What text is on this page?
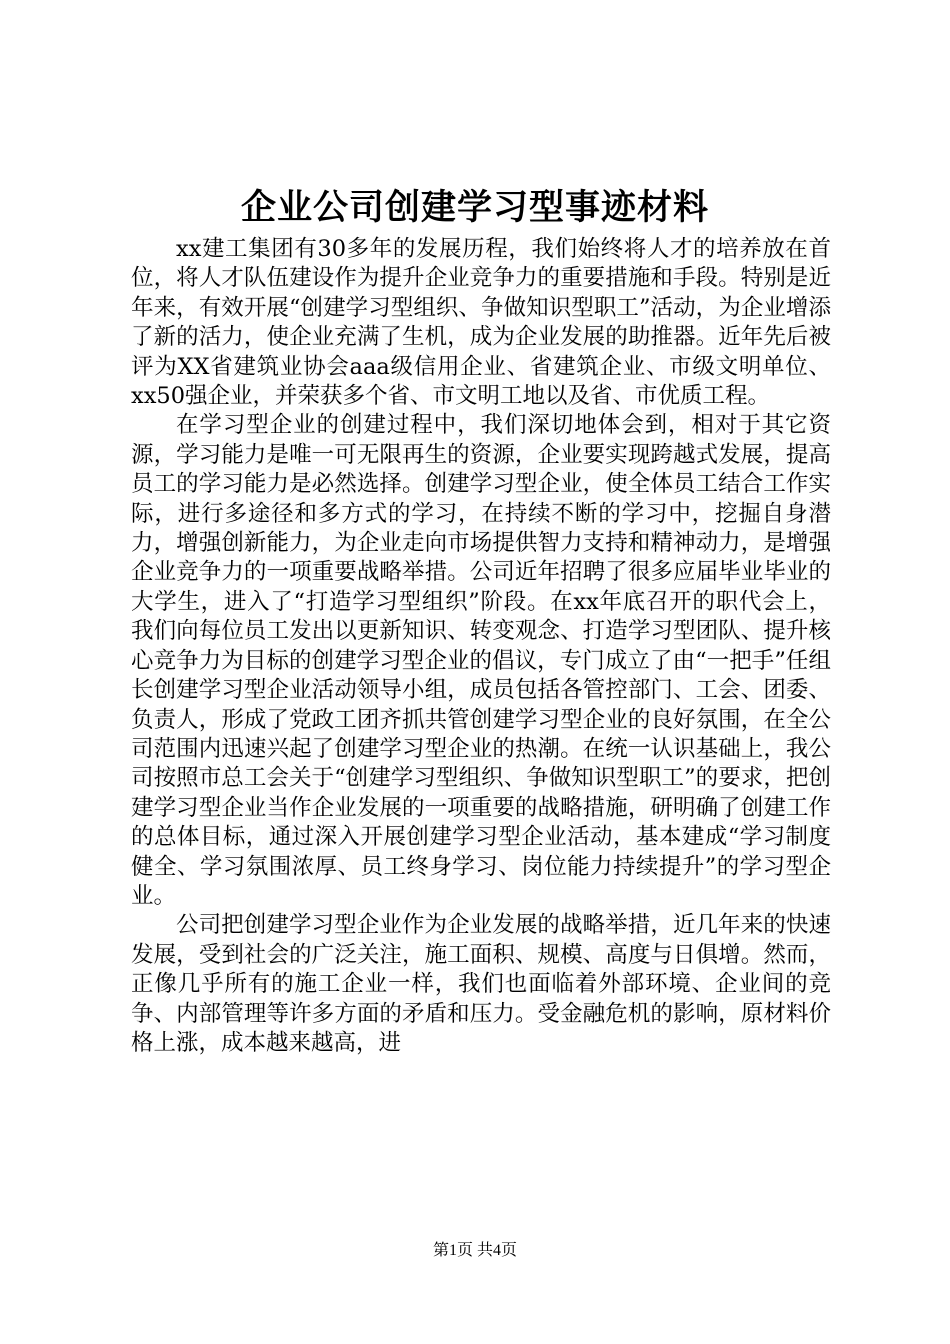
企业公司创建学习型事迹材料

xx建工集团有30多年的发展历程，我们始终将人才的培养放在首位，将人才队伍建设作为提升企业竞争力的重要措施和手段。特别是近年来，有效开展“创建学习型组织、争做知识型职工”活动，为企业增添了新的活力，使企业充满了生机，成为企业发展的助推器。近年先后被评为XX省建筑业协会aaa级信用企业、省建筑企业、市级文明单位、xx50强企业，并荣获多个省、市文明工地以及省、市优质工程。

在学习型企业的创建过程中，我们深切地体会到，相对于其它资源，学习能力是唯一可无限再生的资源，企业要实现跨越式发展，提高员工的学习能力是必然选择。创建学习型企业，使全体员工结合工作实际，进行多途径和多方式的学习，在持续不断的学习中，挖掘自身潜力，增强创新能力，为企业走向市场提供智力支持和精神动力，是增强企业竞争力的一项重要战略举措。公司近年招聘了很多应届毕业毕业的大学生，进入了“打造学习型组织”阶段。在xx年底召开的职代会上，我们向每位员工发出以更新知识、转变观念、打造学习型团队、提升核心竞争力为目标的创建学习型企业的倡议，专门成立了由“一把手”任组长创建学习型企业活动领导小组，成员包括各管控部门、工会、团委、负责人，形成了党政工团齐抓共管创建学习型企业的良好氛围，在全公司范围内迅速兴起了创建学习型企业的热潮。在统一认识基础上，我公司按照市总工会关于“创建学习型组织、争做知识型职工”的要求，把创建学习型企业当作企业发展的一项重要的战略措施，研明确了创建工作的总体目标，通过深入开展创建学习型企业活动，基本建成“学习制度健全、学习氛围浓厚、员工终身学习、岗位能力持续提升”的学习型企业。

公司把创建学习型企业作为企业发展的战略举措，近几年来的快速发展，受到社会的广泛关注，施工面积、规模、高度与日俱增。然而，正像几乎所有的施工企业一样，我们也面临着外部环境、企业间的竞争、内部管理等许多方面的矛盾和压力。受金融危机的影响，原材料价格上涨，成本越来越高，进

第1页 共4页
